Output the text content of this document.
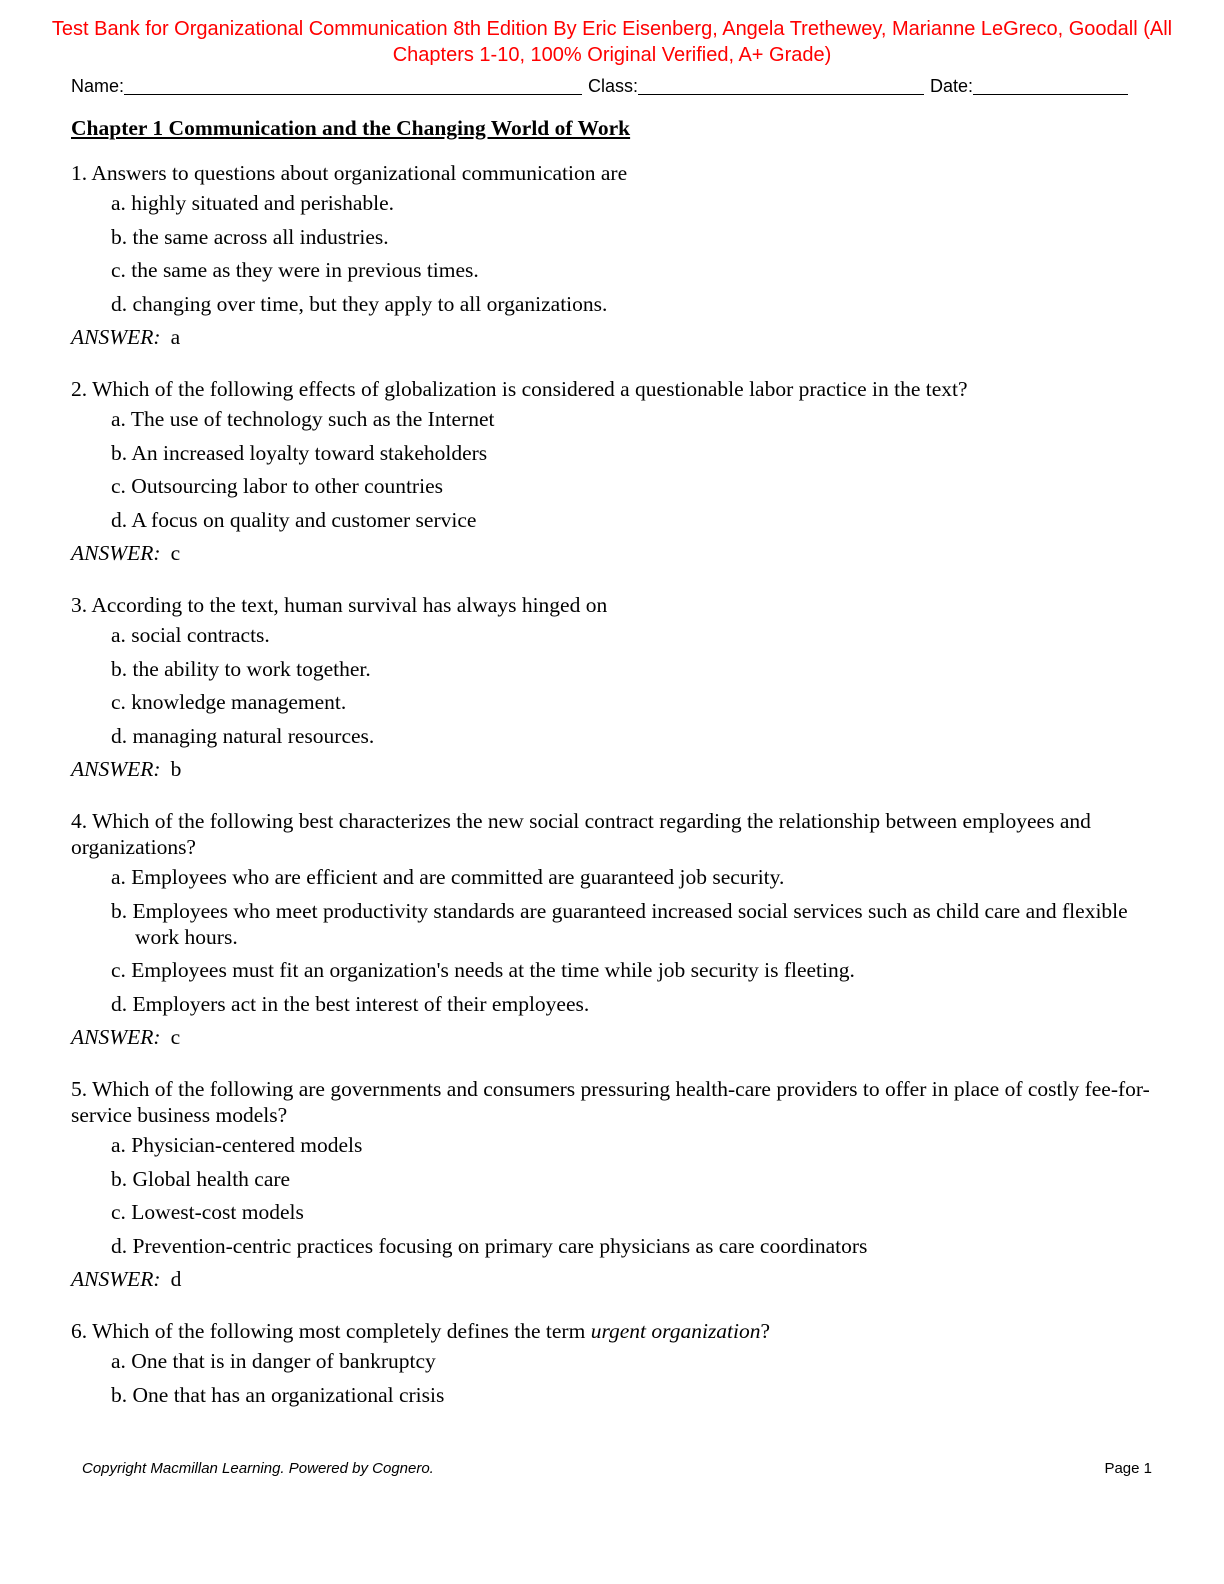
Test Bank for Organizational Communication 8th Edition By Eric Eisenberg, Angela Trethewey, Marianne LeGreco, Goodall (All Chapters 1-10, 100% Original Verified, A+ Grade)
Name:	Class:	Date:
Chapter 1 Communication and the Changing World of Work
1. Answers to questions about organizational communication are
a. highly situated and perishable.
b. the same across all industries.
c. the same as they were in previous times.
d. changing over time, but they apply to all organizations.
ANSWER: a
2. Which of the following effects of globalization is considered a questionable labor practice in the text?
a. The use of technology such as the Internet
b. An increased loyalty toward stakeholders
c. Outsourcing labor to other countries
d. A focus on quality and customer service
ANSWER: c
3. According to the text, human survival has always hinged on
a. social contracts.
b. the ability to work together.
c. knowledge management.
d. managing natural resources.
ANSWER: b
4. Which of the following best characterizes the new social contract regarding the relationship between employees and organizations?
a. Employees who are efficient and are committed are guaranteed job security.
b. Employees who meet productivity standards are guaranteed increased social services such as child care and flexible work hours.
c. Employees must fit an organization's needs at the time while job security is fleeting.
d. Employers act in the best interest of their employees.
ANSWER: c
5. Which of the following are governments and consumers pressuring health-care providers to offer in place of costly fee-for-service business models?
a. Physician-centered models
b. Global health care
c. Lowest-cost models
d. Prevention-centric practices focusing on primary care physicians as care coordinators
ANSWER: d
6. Which of the following most completely defines the term urgent organization?
a. One that is in danger of bankruptcy
b. One that has an organizational crisis
Copyright Macmillan Learning. Powered by Cognero.	Page 1
